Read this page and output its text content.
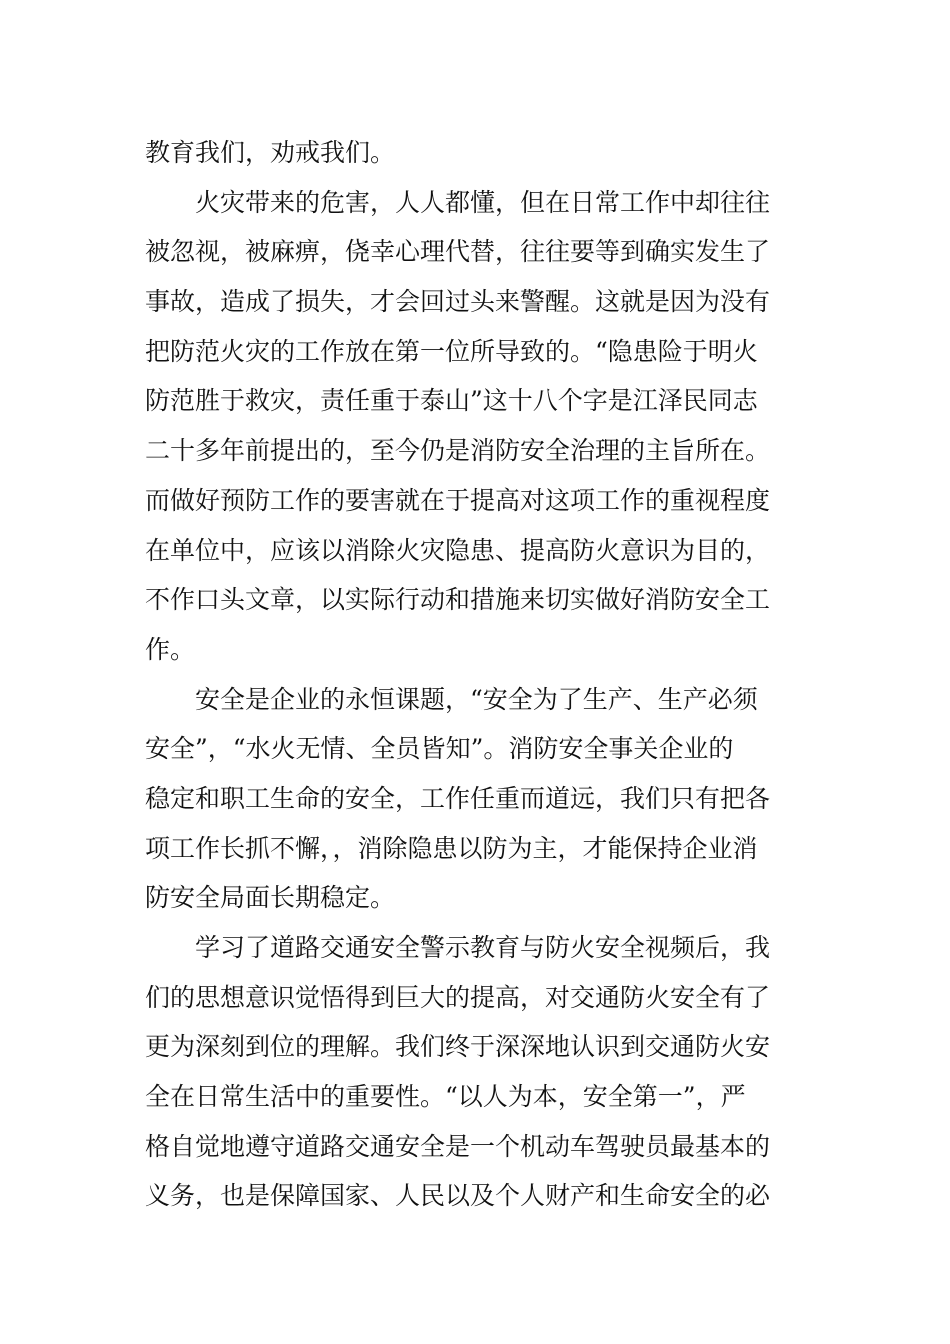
教育我们，劝戒我们。
火灾带来的危害，人人都懂，但在日常工作中却往往
被忽视，被麻痹，侥幸心理代替，往往要等到确实发生了
事故，造成了损失，才会回过头来警醒。这就是因为没有
把防范火灾的工作放在第一位所导致的。“隐患险于明火
防范胜于救灾，责任重于泰山”这十八个字是江泽民同志
二十多年前提出的，至今仍是消防安全治理的主旨所在。
而做好预防工作的要害就在于提高对这项工作的重视程度
在单位中，应该以消除火灾隐患、提高防火意识为目的，
不作口头文章，以实际行动和措施来切实做好消防安全工
作。
安全是企业的永恒课题，“安全为了生产、生产必须
安全”，“水火无情、全员皆知”。消防安全事关企业的
稳定和职工生命的安全，工作任重而道远，我们只有把各
项工作长抓不懈，，消除隐患以防为主，才能保持企业消
防安全局面长期稳定。
学习了道路交通安全警示教育与防火安全视频后，我
们的思想意识觉悟得到巨大的提高，对交通防火安全有了
更为深刻到位的理解。我们终于深深地认识到交通防火安
全在日常生活中的重要性。“以人为本，安全第一”，严
格自觉地遵守道路交通安全是一个机动车驾驶员最基本的
义务，也是保障国家、人民以及个人财产和生命安全的必
